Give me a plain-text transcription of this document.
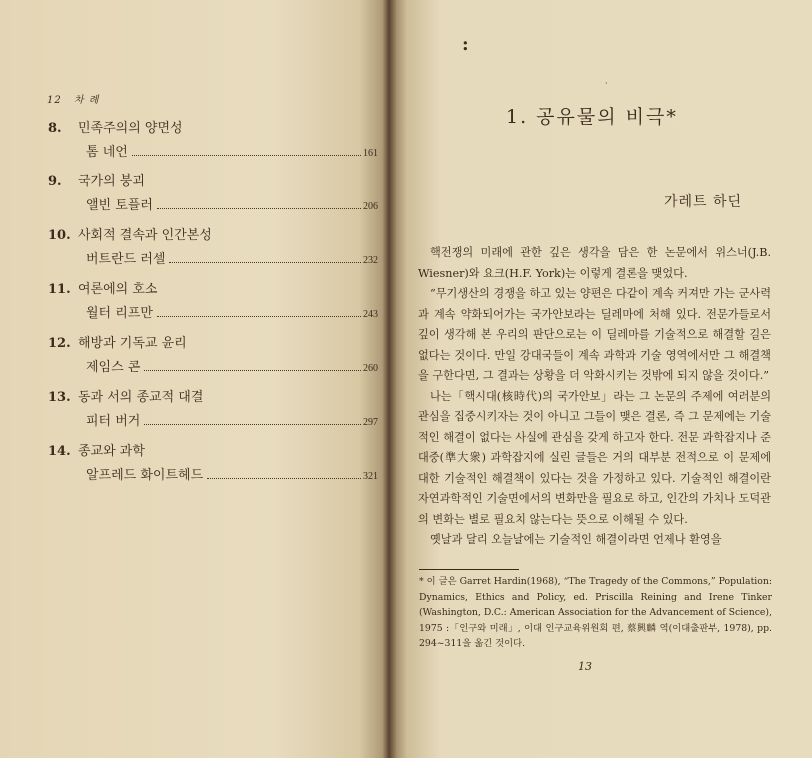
12 차 례
8. 민족주의의 양면성
톰 네언	161
9. 국가의 붕괴
앨빈 토플러	206
10. 사회적 결속과 인간본성
버트란드 러셀	232
11. 여론에의 호소
월터 리프만	243
12. 해방과 기독교 윤리
제임스 콘	260
13. 동과 서의 종교적 대결
피터 버거	297
14. 종교와 과학
알프레드 화이트헤드	321
:
·
1. 공유물의 비극*
가레트 하딘

핵전쟁의 미래에 관한 깊은 생각을 담은 한 논문에서 위스너(J.B. Wiesner)와 요크(H.F. York)는 이렇게 결론을 맺었다.

“무기생산의 경쟁을 하고 있는 양편은 다같이 계속 커져만 가는 군사력과 계속 약화되어가는 국가안보라는 딜레마에 처해 있다. 전문가들로서 깊이 생각해 본 우리의 판단으로는 이 딜레마를 기술적으로 해결할 길은 없다는 것이다. 만일 강대국들이 계속 과학과 기술 영역에서만 그 해결책을 구한다면, 그 결과는 상황을 더 악화시키는 것밖에 되지 않을 것이다.”

나는「핵시대(核時代)의 국가안보」라는 그 논문의 주제에 여러분의 관심을 집중시키자는 것이 아니고 그들이 맺은 결론, 즉 그 문제에는 기술적인 해결이 없다는 사실에 관심을 갖게 하고자 한다. 전문 과학잡지나 준대중(準大衆) 과학잡지에 실린 글들은 거의 대부분 전적으로 이 문제에 대한 기술적인 해결책이 있다는 것을 가정하고 있다. 기술적인 해결이란 자연과학적인 기술면에서의 변화만을 필요로 하고, 인간의 가치나 도덕관의 변화는 별로 필요치 않는다는 뜻으로 이해될 수 있다.

옛날과 달리 오늘날에는 기술적인 해결이라면 언제나 환영을

* 이 글은 Garret Hardin(1968), “The Tragedy of the Commons,” Population: Dynamics, Ethics and Policy, ed. Priscilla Reining and Irene Tinker (Washington, D.C.: American Association for the Advancement of Science), 1975 :「인구와 미래」, 이대 인구교육위원회 편, 蔡興麟 역(이대출판부, 1978), pp. 294~311을 옮긴 것이다.
13
